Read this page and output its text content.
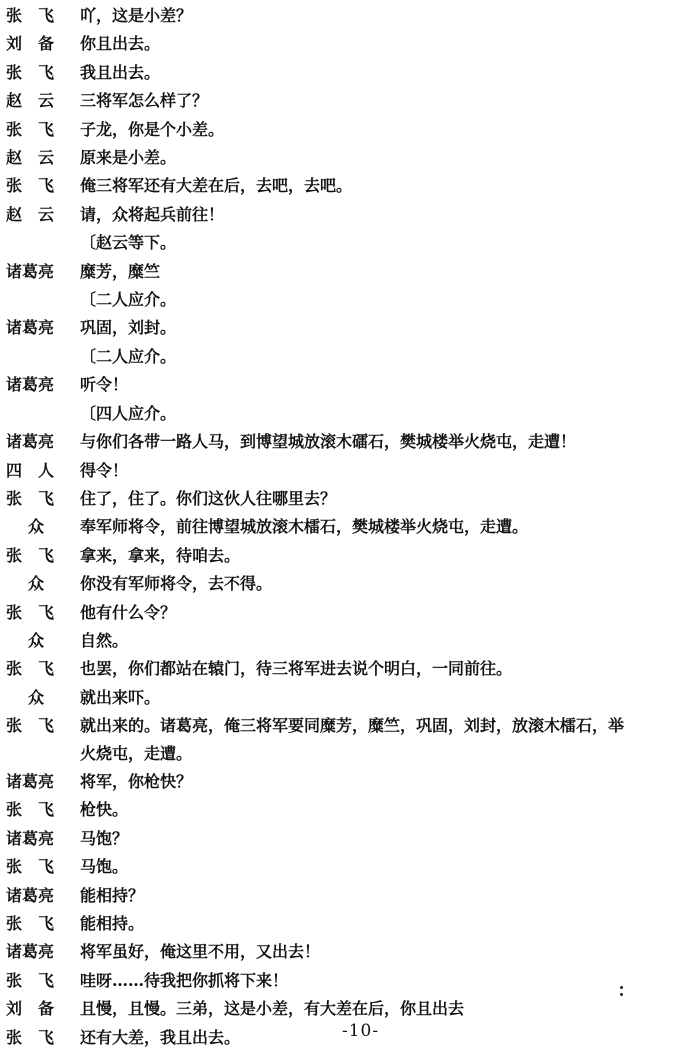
张　飞	吖，这是小差？
刘　备	你且出去。
张　飞	我且出去。
赵　云	三将军怎么样了？
张　飞	子龙，你是个小差。
赵　云	原来是小差。
张　飞	俺三将军还有大差在后，去吧，去吧。
赵　云	请，众将起兵前往！
〔赵云等下。
诸葛亮	糜芳，糜竺
〔二人应介。
诸葛亮	巩固，刘封。
〔二人应介。
诸葛亮	听令！
〔四人应介。
诸葛亮	与你们各带一路人马，到博望城放滚木礌石，樊城楼举火烧屯，走遭！
四　人	得令！
张　飞	住了，住了。你们这伙人往哪里去？
众	奉军师将令，前往博望城放滚木檑石，樊城楼举火烧屯，走遭。
张　飞	拿来，拿来，待咱去。
众	你没有军师将令，去不得。
张　飞	他有什么令？
众	自然。
张　飞	也罢，你们都站在辕门，待三将军进去说个明白，一同前往。
众	就出来吓。
张　飞	就出来的。诸葛亮，俺三将军要同糜芳，糜竺，巩固，刘封，放滚木檑石，举
火烧屯，走遭。
诸葛亮	将军，你枪快？
张　飞	枪快。
诸葛亮	马饱？
张　飞	马饱。
诸葛亮	能相持？
张　飞	能相持。
诸葛亮	将军虽好，俺这里不用，又出去！
张　飞	哇呀……待我把你抓将下来！
刘　备	且慢，且慢。三弟，这是小差，有大差在后，你且出去
张　飞	还有大差，我且出去。	-10-
